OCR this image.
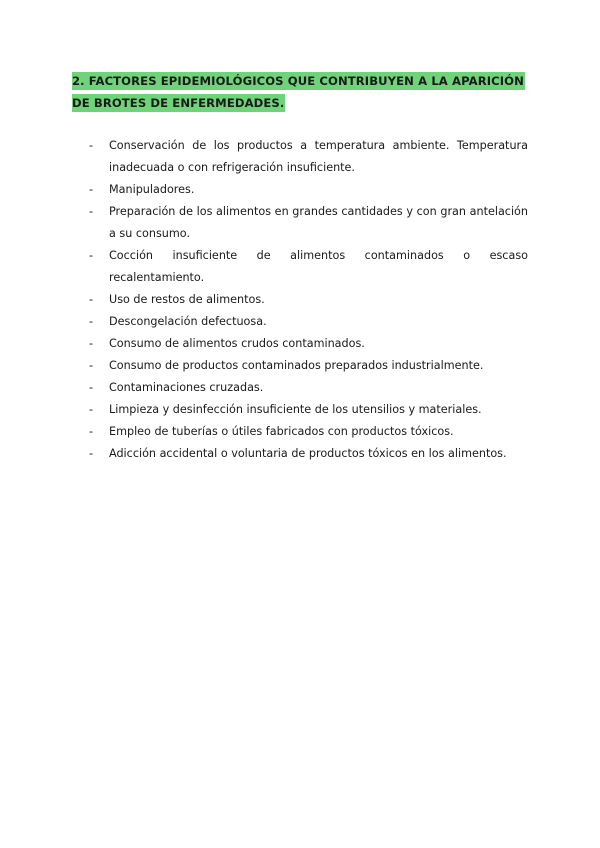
2. FACTORES EPIDEMIOLÓGICOS QUE CONTRIBUYEN A LA APARICIÓN
DE BROTES DE ENFERMEDADES.
- Conservación de los productos a temperatura ambiente. Temperatura inadecuada o con refrigeración insuficiente.
- Manipuladores.
- Preparación de los alimentos en grandes cantidades y con gran antelación a su consumo.
- Cocción insuficiente de alimentos contaminados o escaso recalentamiento.
- Uso de restos de alimentos.
- Descongelación defectuosa.
- Consumo de alimentos crudos contaminados.
- Consumo de productos contaminados preparados industrialmente.
- Contaminaciones cruzadas.
- Limpieza y desinfección insuficiente de los utensilios y materiales.
- Empleo de tuberías o útiles fabricados con productos tóxicos.
- Adicción accidental o voluntaria de productos tóxicos en los alimentos.
